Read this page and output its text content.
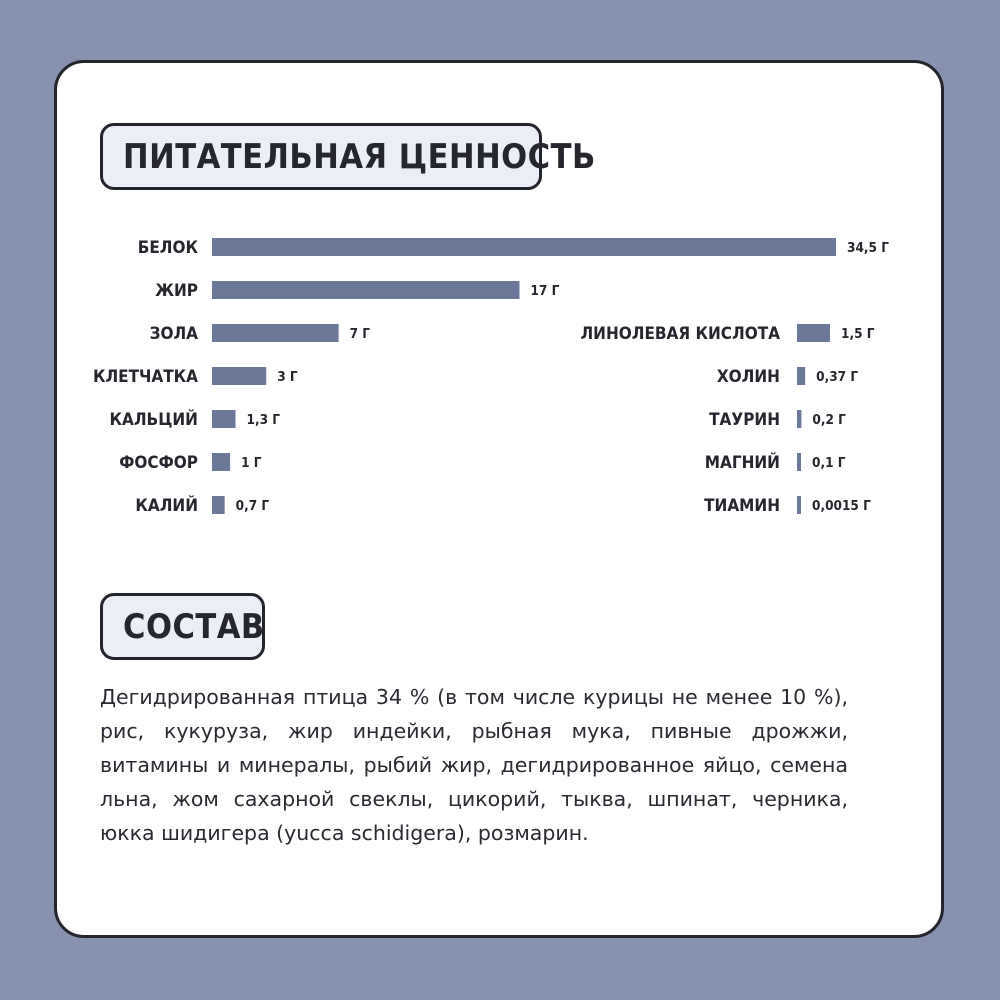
ПИТАТЕЛЬНАЯ ЦЕННОСТЬ
БЕЛОК	34,5 Г
ЖИР	17 Г
ЗОЛА	7 Г
КЛЕТЧАТКА	3 Г
КАЛЬЦИЙ	1,3 Г
ФОСФОР	1 Г
КАЛИЙ	0,7 Г
ЛИНОЛЕВАЯ КИСЛОТА	1,5 Г
ХОЛИН	0,37 Г
ТАУРИН 0,2 Г
МАГНИЙ 0,1 Г
ТИАМИН 0,0015 Г
СОСТАВ

Дегидрированная птица 34 % (в том числе курицы не менее 10 %), рис, кукуруза, жир индейки, рыбная мука, пивные дрожжи, витамины и минералы, рыбий жир, дегидрированное яйцо, семена льна, жом сахарной свеклы, цикорий, тыква, шпинат, черника, юкка шидигера (yucca schidigera), розмарин.
